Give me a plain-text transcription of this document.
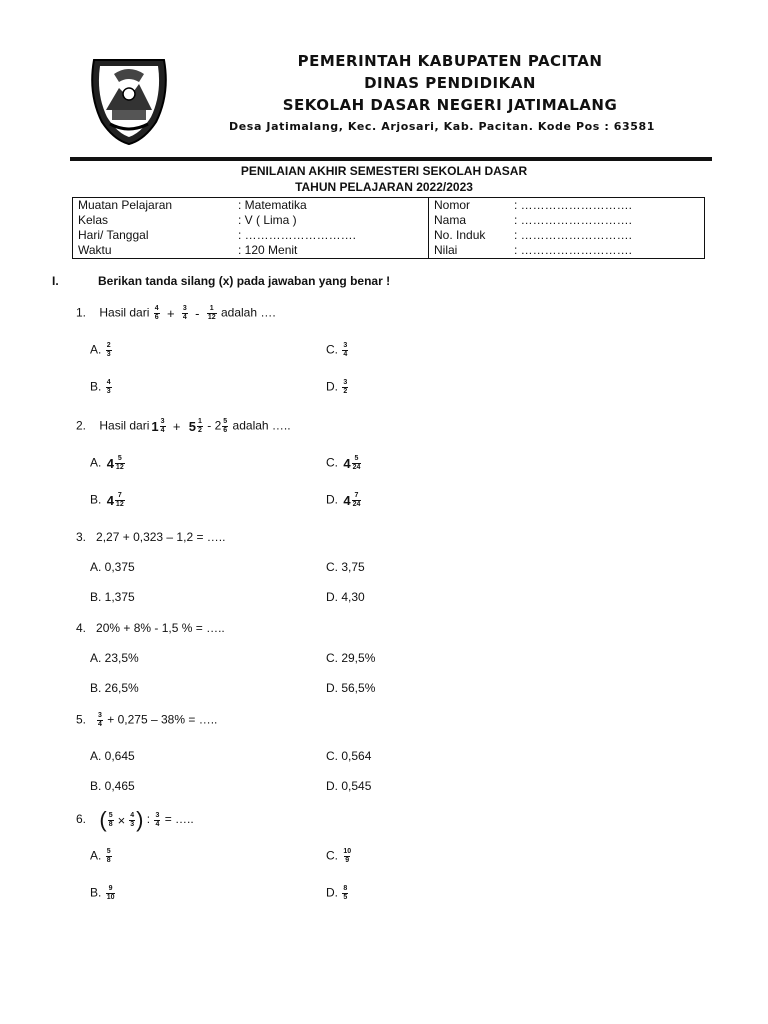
PEMERINTAH KABUPATEN PACITAN
DINAS PENDIDIKAN
SEKOLAH DASAR NEGERI JATIMALANG
Desa Jatimalang, Kec. Arjosari, Kab. Pacitan. Kode Pos : 63581
PENILAIAN AKHIR SEMESTERI SEKOLAH DASAR
TAHUN PELAJARAN 2022/2023
Muatan Pelajaran	: Matematika
Kelas	: V ( Lima )
Hari/ Tanggal	: ……………………….
Waktu	: 120 Menit

Nomor	: ……………………….
Nama	: ……………………….
No. Induk : ……………………….
Nilai	: ……………………….
I.	Berikan tanda silang (x) pada jawaban yang benar !
1. Hasil dari $\frac{4}{6} + \frac{3}{4} - \frac{1}{12}$ adalah ….
A. $\frac{2}{3}$	C. $\frac{3}{4}$
B. $\frac{4}{3}$	D. $\frac{3}{2}$
2. Hasil dari $1 \frac{3}{4} + 5 \frac{1}{2} - 2 \frac{5}{6}$ adalah …..
A. $4 \frac{5}{12}$	C. $4 \frac{5}{24}$
B. $4 \frac{7}{12}$	D. $4 \frac{7}{24}$
3. 2,27 + 0,323 – 1,2 = …..
A. 0,375	C. 3,75
B. 1,375	D. 4,30
4. 20% + 8% - 1,5 % = …..
A. 23,5%	C. 29,5%
B. 26,5%	D. 56,5%
5. $\frac{3}{4} + 0,275 - 38\%$ = …..
A. 0,645	C. 0,564
B. 0,465	D. 0,545
6. ( $\frac{5}{8} \times \frac{4}{3}$ ) : $\frac{3}{4}$ = …..
A. $\frac{5}{8}$	C. $\frac{10}{9}$
B. $\frac{9}{10}$	D. $\frac{8}{5}$
